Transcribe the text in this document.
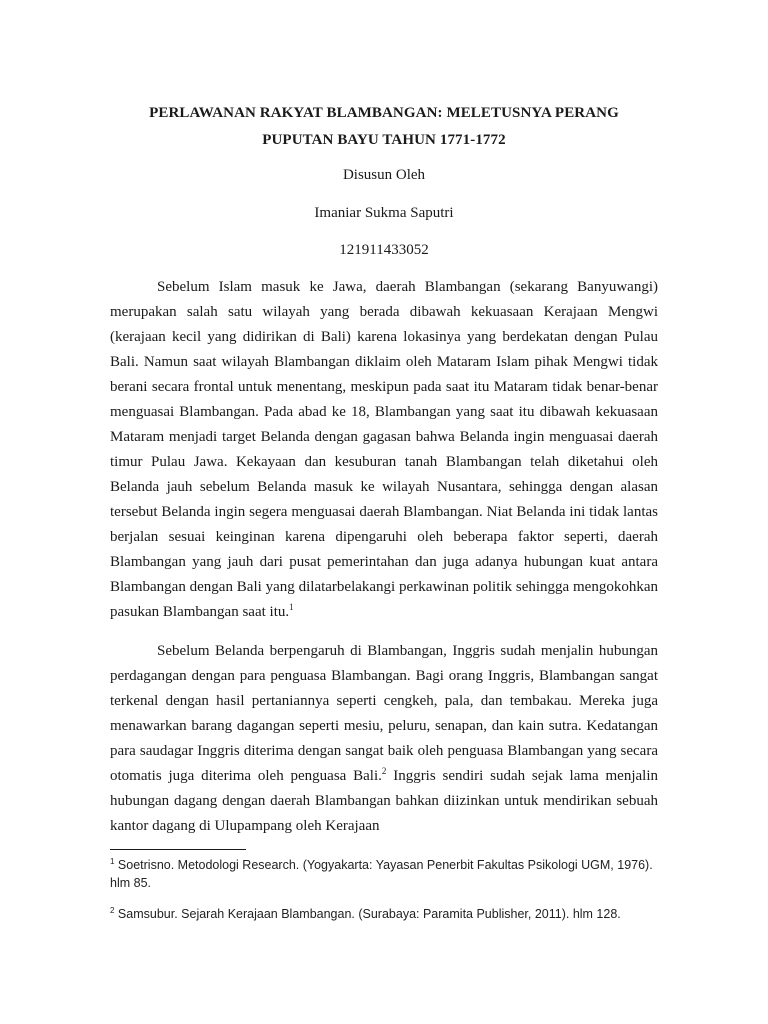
PERLAWANAN RAKYAT BLAMBANGAN: MELETUSNYA PERANG
PUPUTAN BAYU TAHUN 1771-1772
Disusun Oleh
Imaniar Sukma Saputri
121911433052

Sebelum Islam masuk ke Jawa, daerah Blambangan (sekarang Banyuwangi) merupakan salah satu wilayah yang berada dibawah kekuasaan Kerajaan Mengwi (kerajaan kecil yang didirikan di Bali) karena lokasinya yang berdekatan dengan Pulau Bali. Namun saat wilayah Blambangan diklaim oleh Mataram Islam pihak Mengwi tidak berani secara frontal untuk menentang, meskipun pada saat itu Mataram tidak benar-benar menguasai Blambangan. Pada abad ke 18, Blambangan yang saat itu dibawah kekuasaan Mataram menjadi target Belanda dengan gagasan bahwa Belanda ingin menguasai daerah timur Pulau Jawa. Kekayaan dan kesuburan tanah Blambangan telah diketahui oleh Belanda jauh sebelum Belanda masuk ke wilayah Nusantara, sehingga dengan alasan tersebut Belanda ingin segera menguasai daerah Blambangan. Niat Belanda ini tidak lantas berjalan sesuai keinginan karena dipengaruhi oleh beberapa faktor seperti, daerah Blambangan yang jauh dari pusat pemerintahan dan juga adanya hubungan kuat antara Blambangan dengan Bali yang dilatarbelakangi perkawinan politik sehingga mengokohkan pasukan Blambangan saat itu.$^1$

Sebelum Belanda berpengaruh di Blambangan, Inggris sudah menjalin hubungan perdagangan dengan para penguasa Blambangan. Bagi orang Inggris, Blambangan sangat terkenal dengan hasil pertaniannya seperti cengkeh, pala, dan tembakau. Mereka juga menawarkan barang dagangan seperti mesiu, peluru, senapan, dan kain sutra. Kedatangan para saudagar Inggris diterima dengan sangat baik oleh penguasa Blambangan yang secara otomatis juga diterima oleh penguasa Bali.$^2$ Inggris sendiri sudah sejak lama menjalin hubungan dagang dengan daerah Blambangan bahkan diizinkan untuk mendirikan sebuah kantor dagang di Ulupampang oleh Kerajaan

$^1$ Soetrisno. Metodologi Research. (Yogyakarta: Yayasan Penerbit Fakultas Psikologi UGM, 1976). hlm 85.

$^2$ Samsubur. Sejarah Kerajaan Blambangan. (Surabaya: Paramita Publisher, 2011). hlm 128.
